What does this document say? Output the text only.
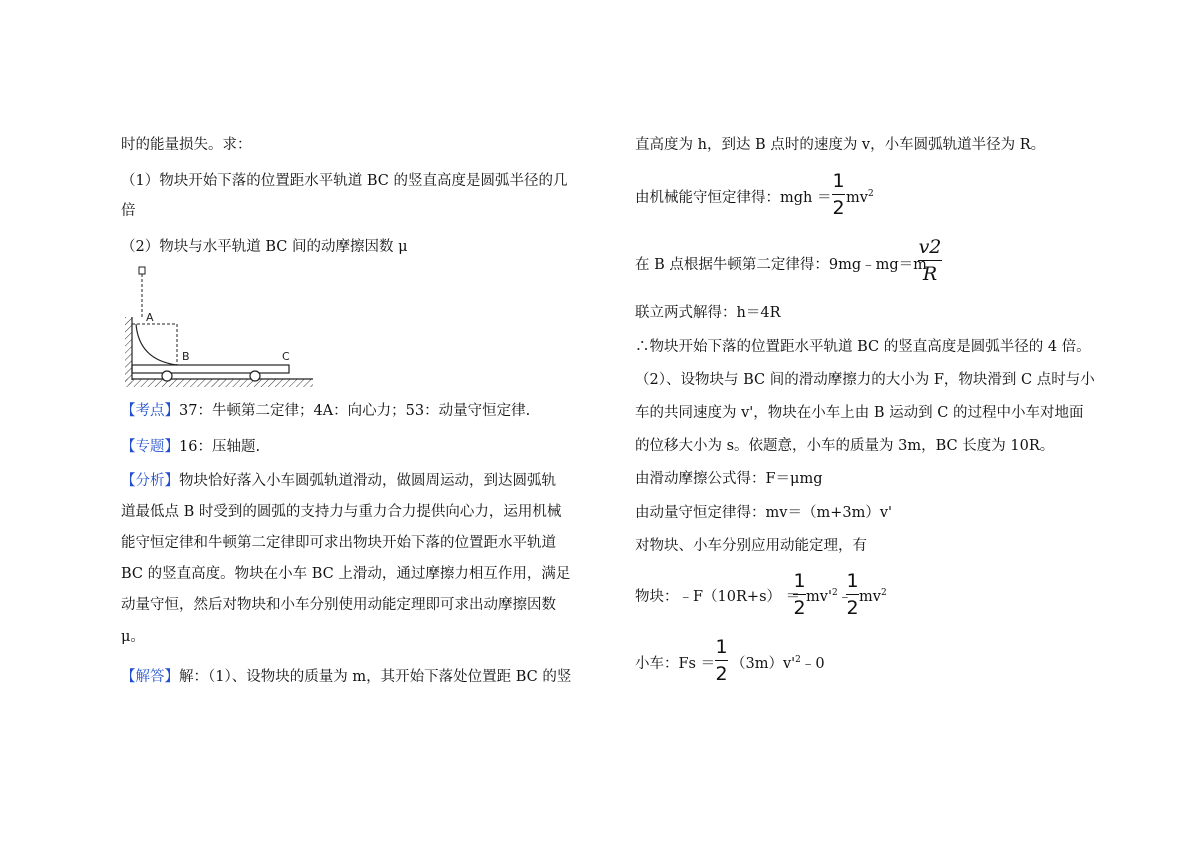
时的能量损失。求：
（1）物块开始下落的位置距水平轨道 BC 的竖直高度是圆弧半径的几
倍
（2）物块与水平轨道 BC 间的动摩擦因数 μ
A
B	C
【考点】37：牛顿第二定律；4A：向心力；53：动量守恒定律.
【专题】16：压轴题.
【分析】物块恰好落入小车圆弧轨道滑动，做圆周运动，到达圆弧轨
道最低点 B 时受到的圆弧的支持力与重力合力提供向心力，运用机械
能守恒定律和牛顿第二定律即可求出物块开始下落的位置距水平轨道
BC 的竖直高度。物块在小车 BC 上滑动，通过摩擦力相互作用，满足
动量守恒，然后对物块和小车分别使用动能定理即可求出动摩擦因数
μ。
【解答】解：（1）、设物块的质量为 m，其开始下落处位置距 BC 的竖
直高度为 h，到达 B 点时的速度为 v，小车圆弧轨道半径为 R。
由机械能守恒定律得：mgh ＝
1
2 $mv^2$
在 B 点根据牛顿第二定律得：9mg﹣mg＝m
v2
R
联立两式解得：h＝4R
∴物块开始下落的位置距水平轨道 BC 的竖直高度是圆弧半径的 4 倍。
（2）、设物块与 BC 间的滑动摩擦力的大小为 F，物块滑到 C 点时与小
车的共同速度为 v'，物块在小车上由 B 运动到 C 的过程中小车对地面
的位移大小为 s。依题意，小车的质量为 3m，BC 长度为 10R。
由滑动摩擦公式得：F＝μmg
由动量守恒定律得：mv＝（m+3m）v'
对物块、小车分别应用动能定理，有
物块：﹣F（10R+s） ＝
1
2 $mv'^2﹣$
1
2 $mv^2$
小车：Fs ＝
1
2 $(3m)v'^2﹣0$
